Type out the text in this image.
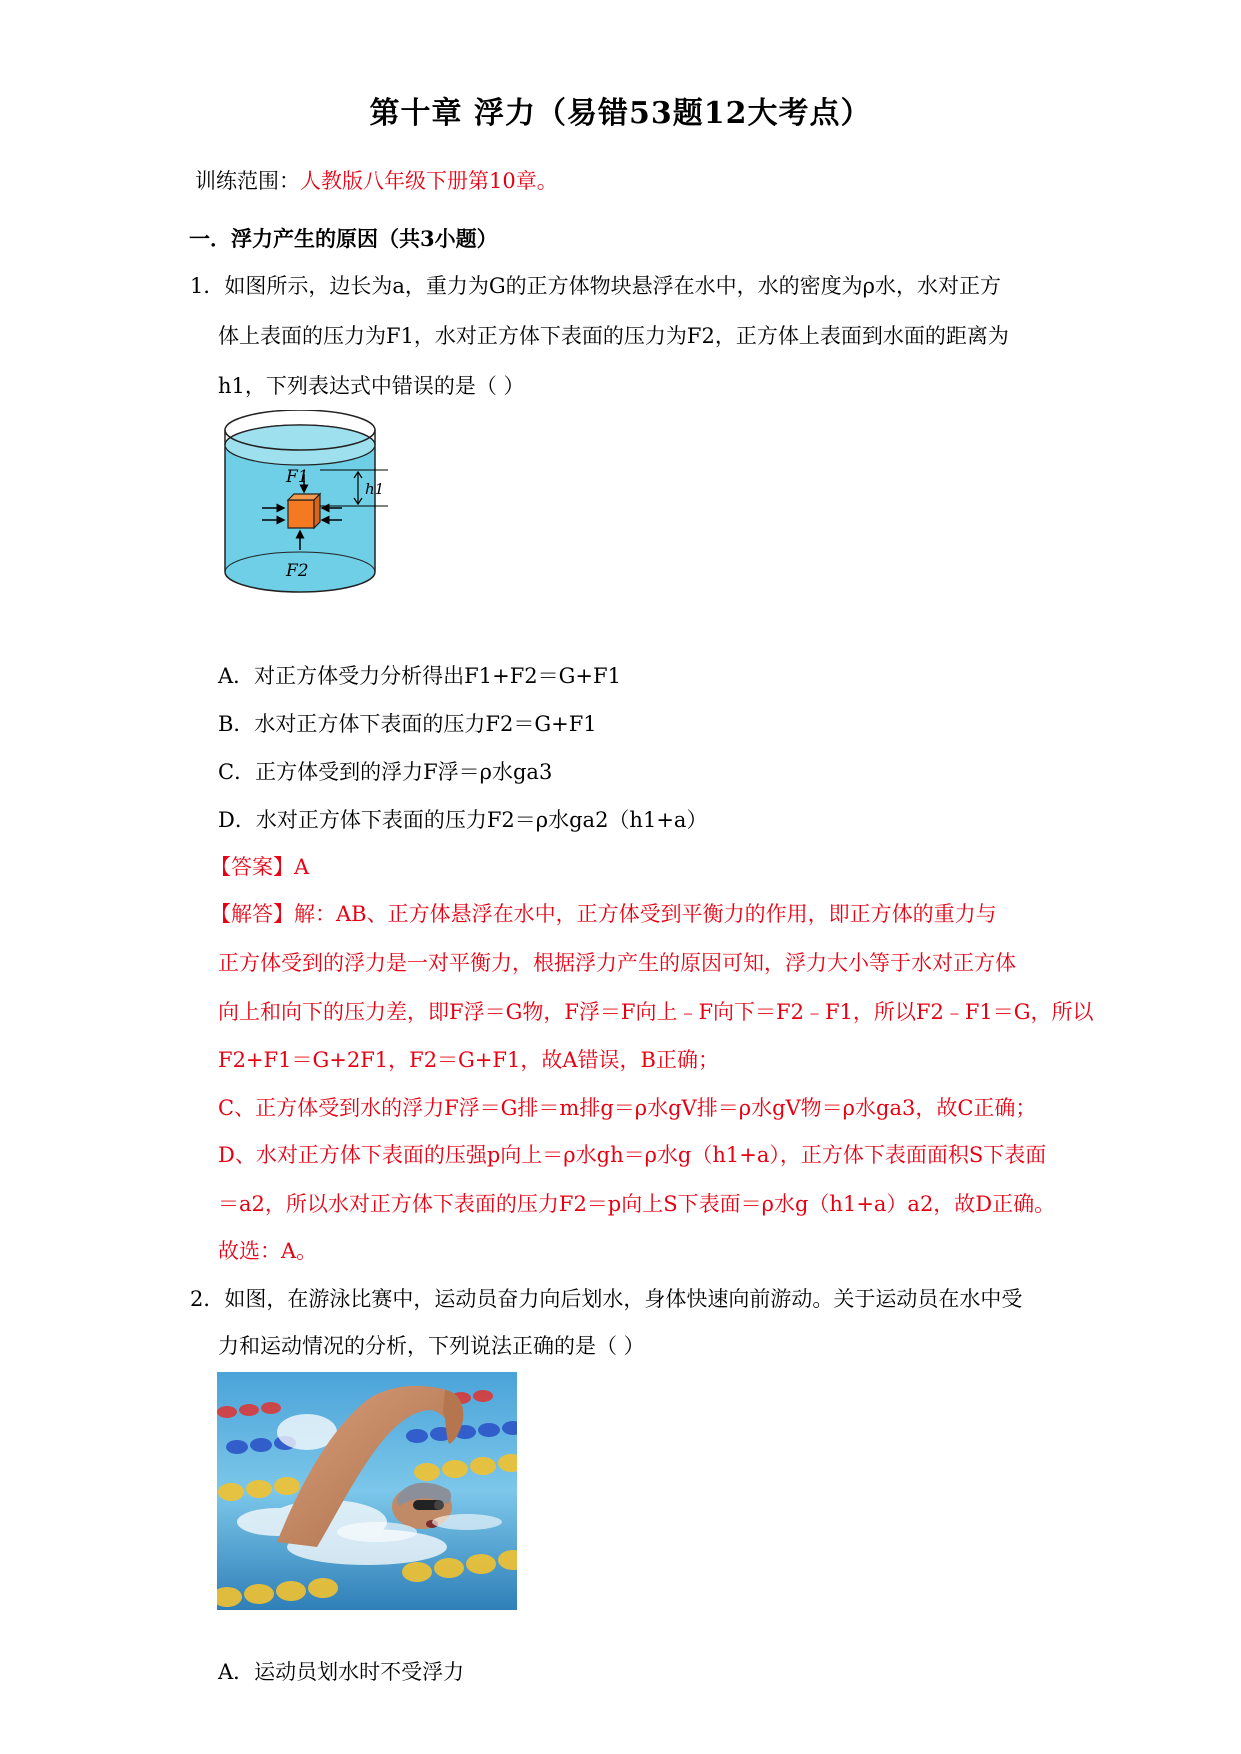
第十章 浮力（易错53题12大考点）
训练范围：人教版八年级下册第10章。
一．浮力产生的原因（共3小题）
1．如图所示，边长为a，重力为G的正方体物块悬浮在水中，水的密度为ρ水，水对正方
体上表面的压力为F1，水对正方体下表面的压力为F2，正方体上表面到水面的距离为
h1，下列表达式中错误的是（ ）
F1
F2
h1
A．对正方体受力分析得出F1+F2＝G+F1
B．水对正方体下表面的压力F2＝G+F1
C．正方体受到的浮力F浮＝ρ水ga3
D．水对正方体下表面的压力F2＝ρ水ga2（h1+a）
【答案】A
【解答】解：AB、正方体悬浮在水中，正方体受到平衡力的作用，即正方体的重力与
正方体受到的浮力是一对平衡力，根据浮力产生的原因可知，浮力大小等于水对正方体
向上和向下的压力差，即F浮＝G物，F浮＝F向上﹣F向下＝F2﹣F1，所以F2﹣F1＝G，所以
F2+F1＝G+2F1，F2＝G+F1，故A错误，B正确；
C、正方体受到水的浮力F浮＝G排＝m排g＝ρ水gV排＝ρ水gV物＝ρ水ga3，故C正确；
D、水对正方体下表面的压强p向上＝ρ水gh＝ρ水g（h1+a），正方体下表面面积S下表面
＝a2，所以水对正方体下表面的压力F2＝p向上S下表面＝ρ水g（h1+a）a2，故D正确。
故选：A。
2．如图，在游泳比赛中，运动员奋力向后划水，身体快速向前游动。关于运动员在水中受
力和运动情况的分析，下列说法正确的是（ ）
A．运动员划水时不受浮力
